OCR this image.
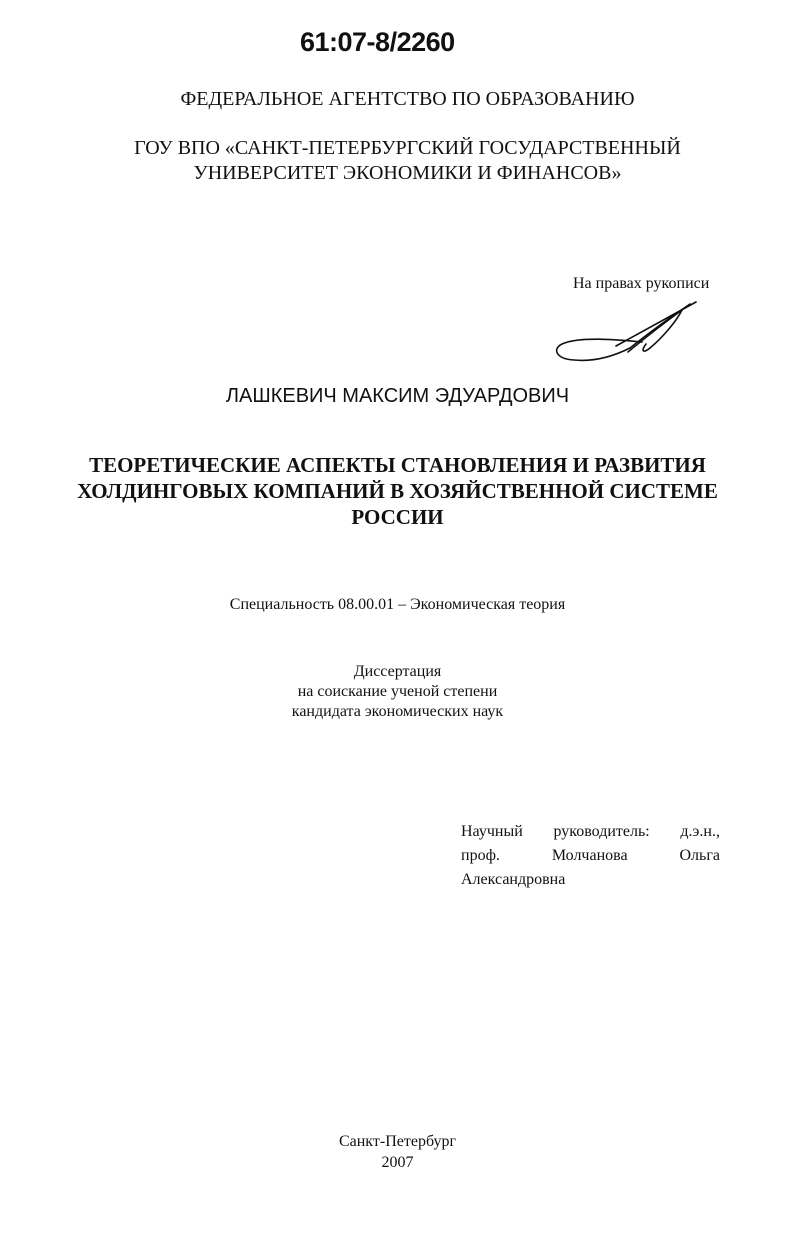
61:07-8/2260
ФЕДЕРАЛЬНОЕ АГЕНТСТВО ПО ОБРАЗОВАНИЮ
ГОУ ВПО «САНКТ-ПЕТЕРБУРГСКИЙ ГОСУДАРСТВЕННЫЙ
УНИВЕРСИТЕТ ЭКОНОМИКИ И ФИНАНСОВ»
На правах рукописи
ЛАШКЕВИЧ МАКСИМ ЭДУАРДОВИЧ
ТЕОРЕТИЧЕСКИЕ АСПЕКТЫ СТАНОВЛЕНИЯ И РАЗВИТИЯ
ХОЛДИНГОВЫХ КОМПАНИЙ В ХОЗЯЙСТВЕННОЙ СИСТЕМЕ
РОССИИ
Специальность 08.00.01 – Экономическая теория
Диссертация
на соискание ученой степени
кандидата экономических наук
Научный руководитель: д.э.н.,
проф.	Молчанова	Ольга
Александровна
Санкт-Петербург
2007
